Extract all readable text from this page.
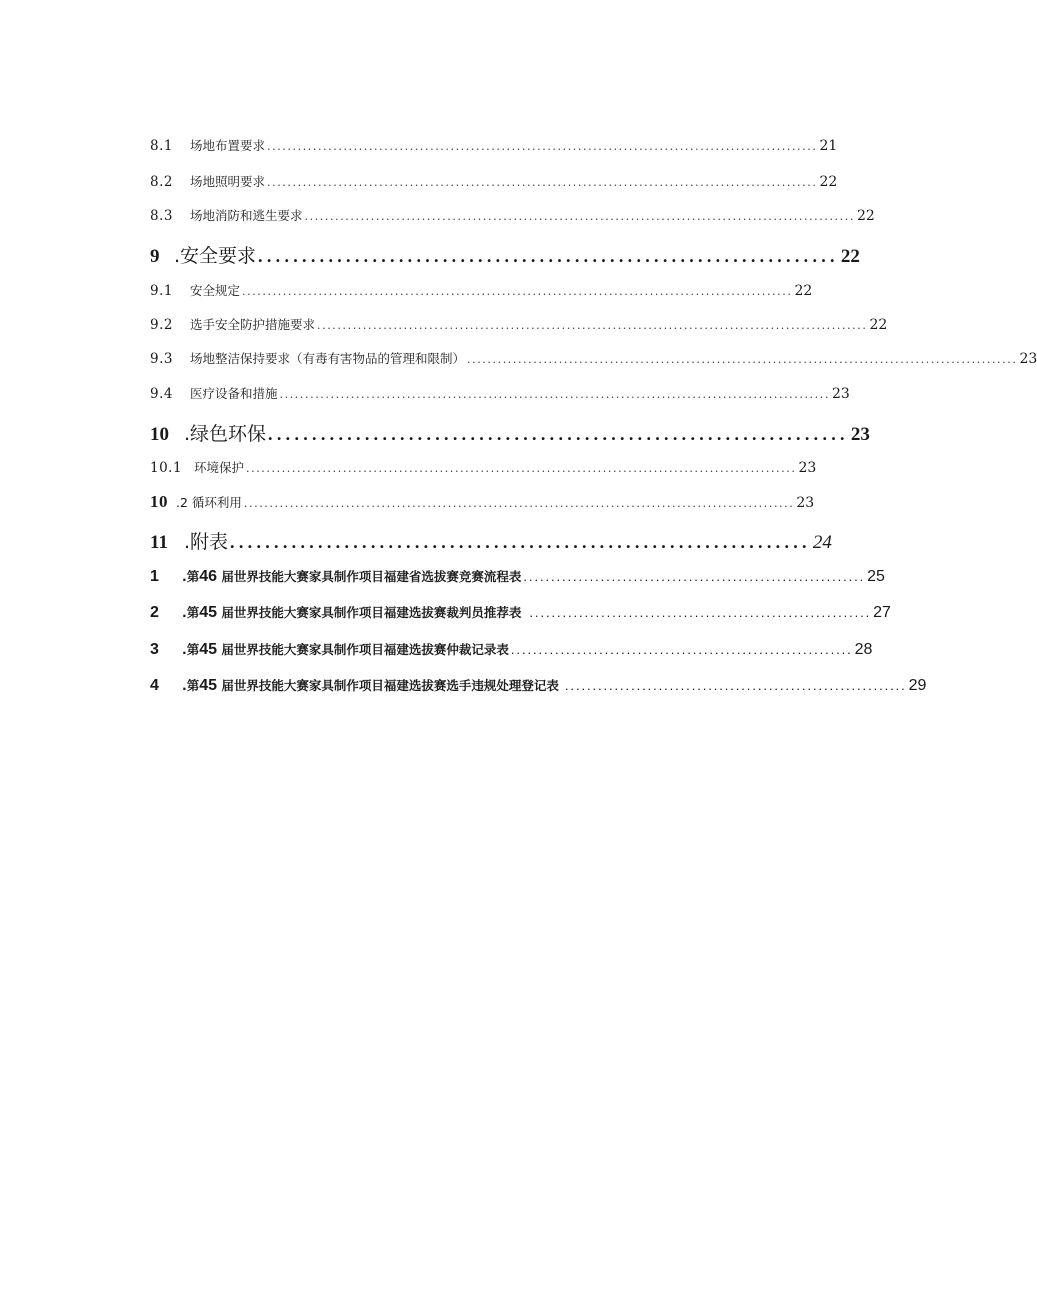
8.1	场地布置要求 ............................................................................................................ 21
8.2	场地照明要求 ............................................................................................................ 22
8.3	场地消防和逃生要求 ............................................................................................................ 22
9 .安全要求 .................................................................. 22
9.1	安全规定 ............................................................................................................ 22
9.2	选手安全防护措施要求 ............................................................................................................ 22
9.3	场地整洁保持要求（有毒有害物品的管理和限制） ............................................................................................................ 23
9.4	医疗设备和措施 ............................................................................................................ 23
10 .绿色环保 .................................................................. 23
10.1 环境保护 ............................................................................................................ 23
10 .2 循环利用 ............................................................................................................ 23
11 .附表 .................................................................. 24
1	.第46 届世界技能大赛家具制作项目福建省选拔赛竞赛流程表 .............................................................. 25
2	.第45 届世界技能大赛家具制作项目福建选拔赛裁判员推荐表 .............................................................. 27
3	.第45 届世界技能大赛家具制作项目福建选拔赛仲裁记录表 .............................................................. 28
4	.第45 届世界技能大赛家具制作项目福建选拔赛选手违规处理登记表 .............................................................. 29
